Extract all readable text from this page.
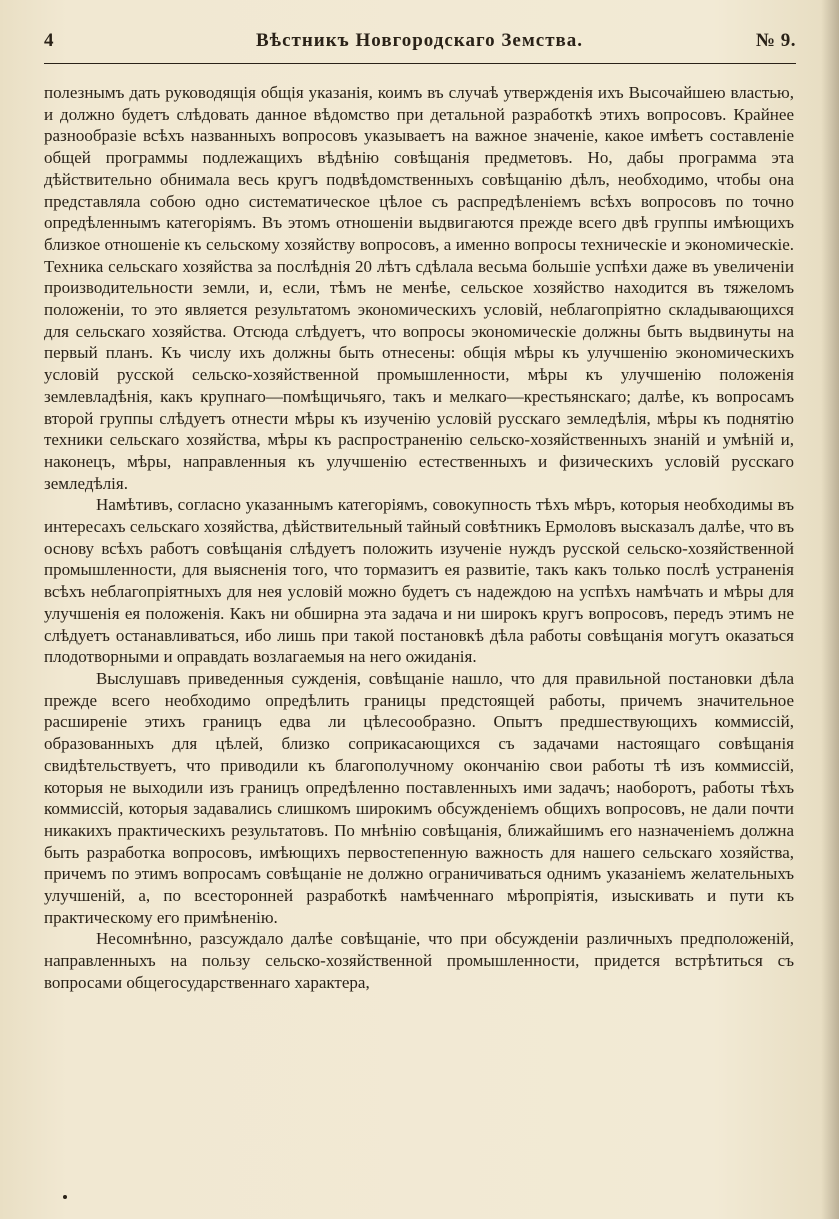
4	Вѣстникъ Новгородскаго Земства.	№ 9.

полезнымъ дать руководящія общія указанія, коимъ въ случаѣ утвержденія ихъ Высочайшею властью, и должно будетъ слѣдовать данное вѣдомство при детальной разработкѣ этихъ вопросовъ. Крайнее разнообразіе всѣхъ названныхъ вопросовъ указываетъ на важное значеніе, какое имѣетъ составленіе общей программы подлежащихъ вѣдѣнію совѣщанія предметовъ. Но, дабы программа эта дѣйствительно обнимала весь кругъ подвѣдомственныхъ совѣщанію дѣлъ, необходимо, чтобы она представляла собою одно систематическое цѣлое съ распредѣленіемъ всѣхъ вопросовъ по точно опредѣленнымъ категоріямъ. Въ этомъ отношеніи выдвигаются прежде всего двѣ группы имѣющихъ близкое отношеніе къ сельскому хозяйству вопросовъ, а именно вопросы техническіе и экономическіе. Техника сельскаго хозяйства за послѣднія 20 лѣтъ сдѣлала весьма большіе успѣхи даже въ увеличеніи производительности земли, и, если, тѣмъ не менѣе, сельское хозяйство находится въ тяжеломъ положеніи, то это является результатомъ экономическихъ условій, неблагопріятно складывающихся для сельскаго хозяйства. Отсюда слѣдуетъ, что вопросы экономическіе должны быть выдвинуты на первый планъ. Къ числу ихъ должны быть отнесены: общія мѣры къ улучшенію экономическихъ условій русской сельско-хозяйственной промышленности, мѣры къ улучшенію положенія землевладѣнія, какъ крупнаго—помѣщичьяго, такъ и мелкаго—крестьянскаго; далѣе, къ вопросамъ второй группы слѣдуетъ отнести мѣры къ изученію условій русскаго земледѣлія, мѣры къ поднятію техники сельскаго хозяйства, мѣры къ распространенію сельско-хозяйственныхъ знаній и умѣній и, наконецъ, мѣры, направленныя къ улучшенію естественныхъ и физическихъ условій русскаго земледѣлія.

Намѣтивъ, согласно указаннымъ категоріямъ, совокупность тѣхъ мѣръ, которыя необходимы въ интересахъ сельскаго хозяйства, дѣйствительный тайный совѣтникъ Ермоловъ высказалъ далѣе, что въ основу всѣхъ работъ совѣщанія слѣдуетъ положить изученіе нуждъ русской сельско-хозяйственной промышленности, для выясненія того, что тормазитъ ея развитіе, такъ какъ только послѣ устраненія всѣхъ неблагопріятныхъ для нея условій можно будетъ съ надеждою на успѣхъ намѣчать и мѣры для улучшенія ея положенія. Какъ ни обширна эта задача и ни широкъ кругъ вопросовъ, передъ этимъ не слѣдуетъ останавливаться, ибо лишь при такой постановкѣ дѣла работы совѣщанія могутъ оказаться плодотворными и оправдать возлагаемыя на него ожиданія.

Выслушавъ приведенныя сужденія, совѣщаніе нашло, что для правильной постановки дѣла прежде всего необходимо опредѣлить границы предстоящей работы, причемъ значительное расширеніе этихъ границъ едва ли цѣлесообразно. Опытъ предшествующихъ коммиссій, образованныхъ для цѣлей, близко соприкасающихся съ задачами настоящаго совѣщанія свидѣтельствуетъ, что приводили къ благополучному окончанію свои работы тѣ изъ коммиссій, которыя не выходили изъ границъ опредѣленно поставленныхъ ими задачъ; наоборотъ, работы тѣхъ коммиссій, которыя задавались слишкомъ широкимъ обсужденіемъ общихъ вопросовъ, не дали почти никакихъ практическихъ результатовъ. По мнѣнію совѣщанія, ближайшимъ его назначеніемъ должна быть разработка вопросовъ, имѣющихъ первостепенную важность для нашего сельскаго хозяйства, причемъ по этимъ вопросамъ совѣщаніе не должно ограничиваться однимъ указаніемъ желательныхъ улучшеній, а, по всесторонней разработкѣ намѣченнаго мѣропріятія, изыскивать и пути къ практическому его примѣненію.

Несомнѣнно, разсуждало далѣе совѣщаніе, что при обсужденіи различныхъ предположеній, направленныхъ на пользу сельско-хозяйственной промышленности, придется встрѣтиться съ вопросами общегосударственнаго характера,
